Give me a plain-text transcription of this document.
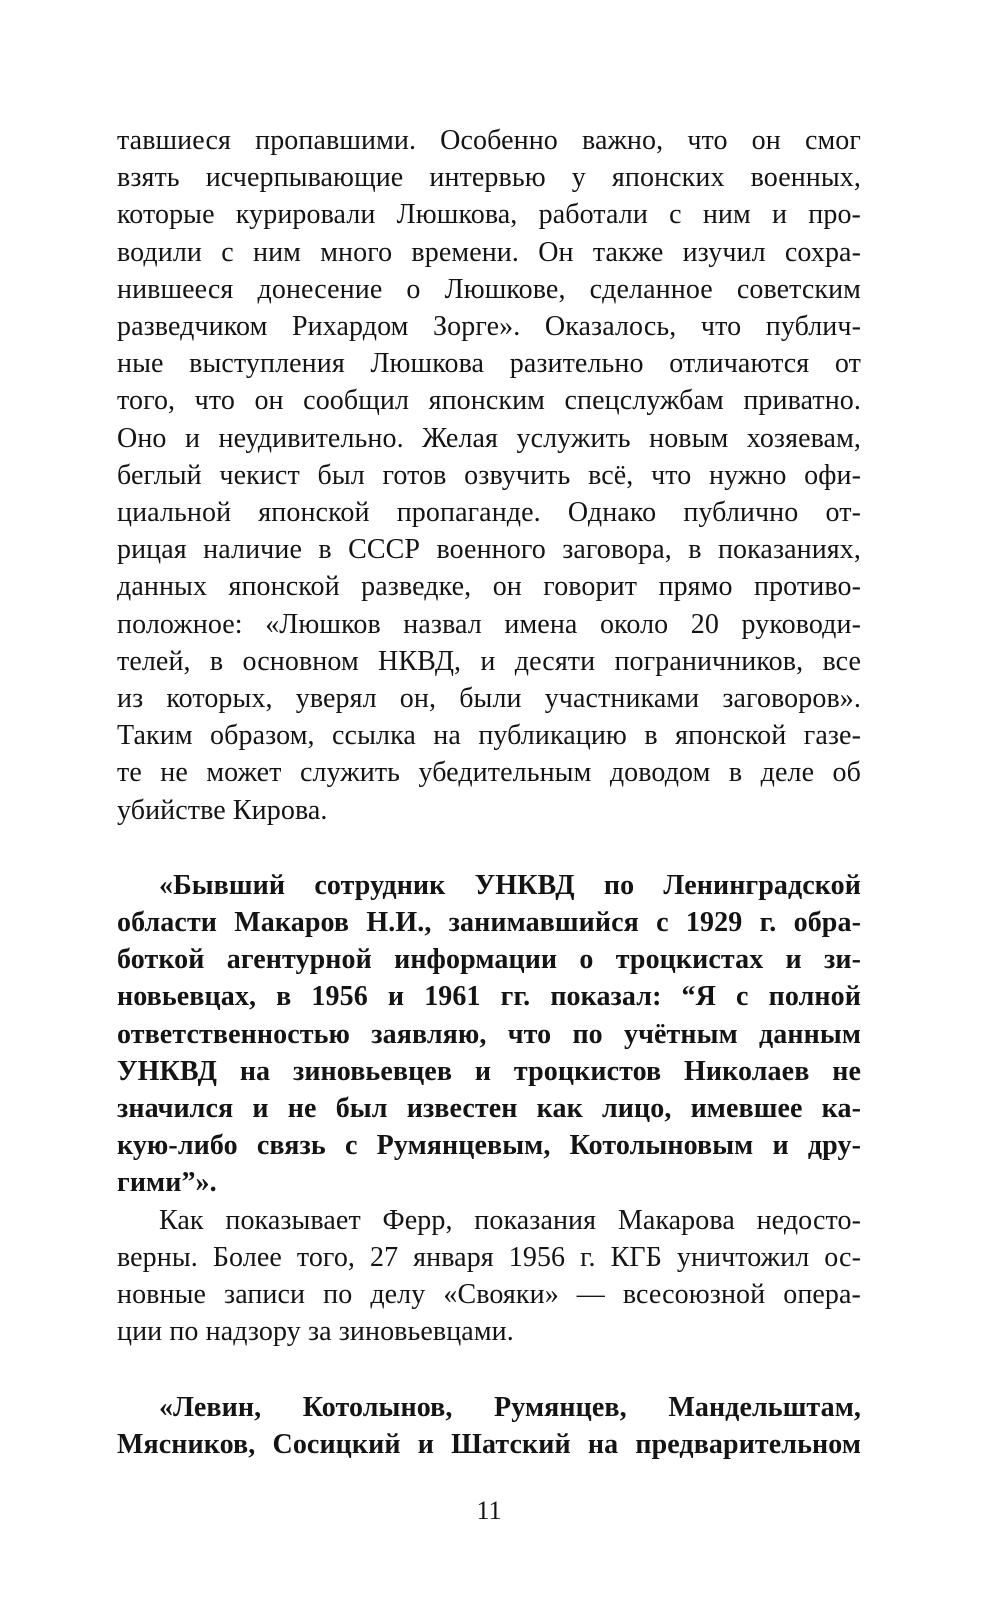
тавшиеся пропавшими. Особенно важно, что он смог
взять исчерпывающие интервью у японских военных,
которые курировали Люшкова, работали с ним и про-
водили с ним много времени. Он также изучил сохра-
нившееся донесение о Люшкове, сделанное советским
разведчиком Рихардом Зорге». Оказалось, что публич-
ные выступления Люшкова разительно отличаются от
того, что он сообщил японским спецслужбам приватно.
Оно и неудивительно. Желая услужить новым хозяевам,
беглый чекист был готов озвучить всё, что нужно офи-
циальной японской пропаганде. Однако публично от-
рицая наличие в СССР военного заговора, в показаниях,
данных японской разведке, он говорит прямо противо-
положное: «Люшков назвал имена около 20 руководи-
телей, в основном НКВД, и десяти пограничников, все
из которых, уверял он, были участниками заговоров».
Таким образом, ссылка на публикацию в японской газе-
те не может служить убедительным доводом в деле об
убийстве Кирова.
«Бывший сотрудник УНКВД по Ленинградской
области Макаров Н.И., занимавшийся с 1929 г. обра-
боткой агентурной информации о троцкистах и зи-
новьевцах, в 1956 и 1961 гг. показал: “Я с полной
ответственностью заявляю, что по учётным данным
УНКВД на зиновьевцев и троцкистов Николаев не
значился и не был известен как лицо, имевшее ка-
кую-либо связь с Румянцевым, Котолыновым и дру-
гими”».
Как показывает Ферр, показания Макарова недосто-
верны. Более того, 27 января 1956 г. КГБ уничтожил ос-
новные записи по делу «Свояки» — всесоюзной опера-
ции по надзору за зиновьевцами.
«Левин, Котолынов, Румянцев, Мандельштам,
Мясников, Сосицкий и Шатский на предварительном
11
